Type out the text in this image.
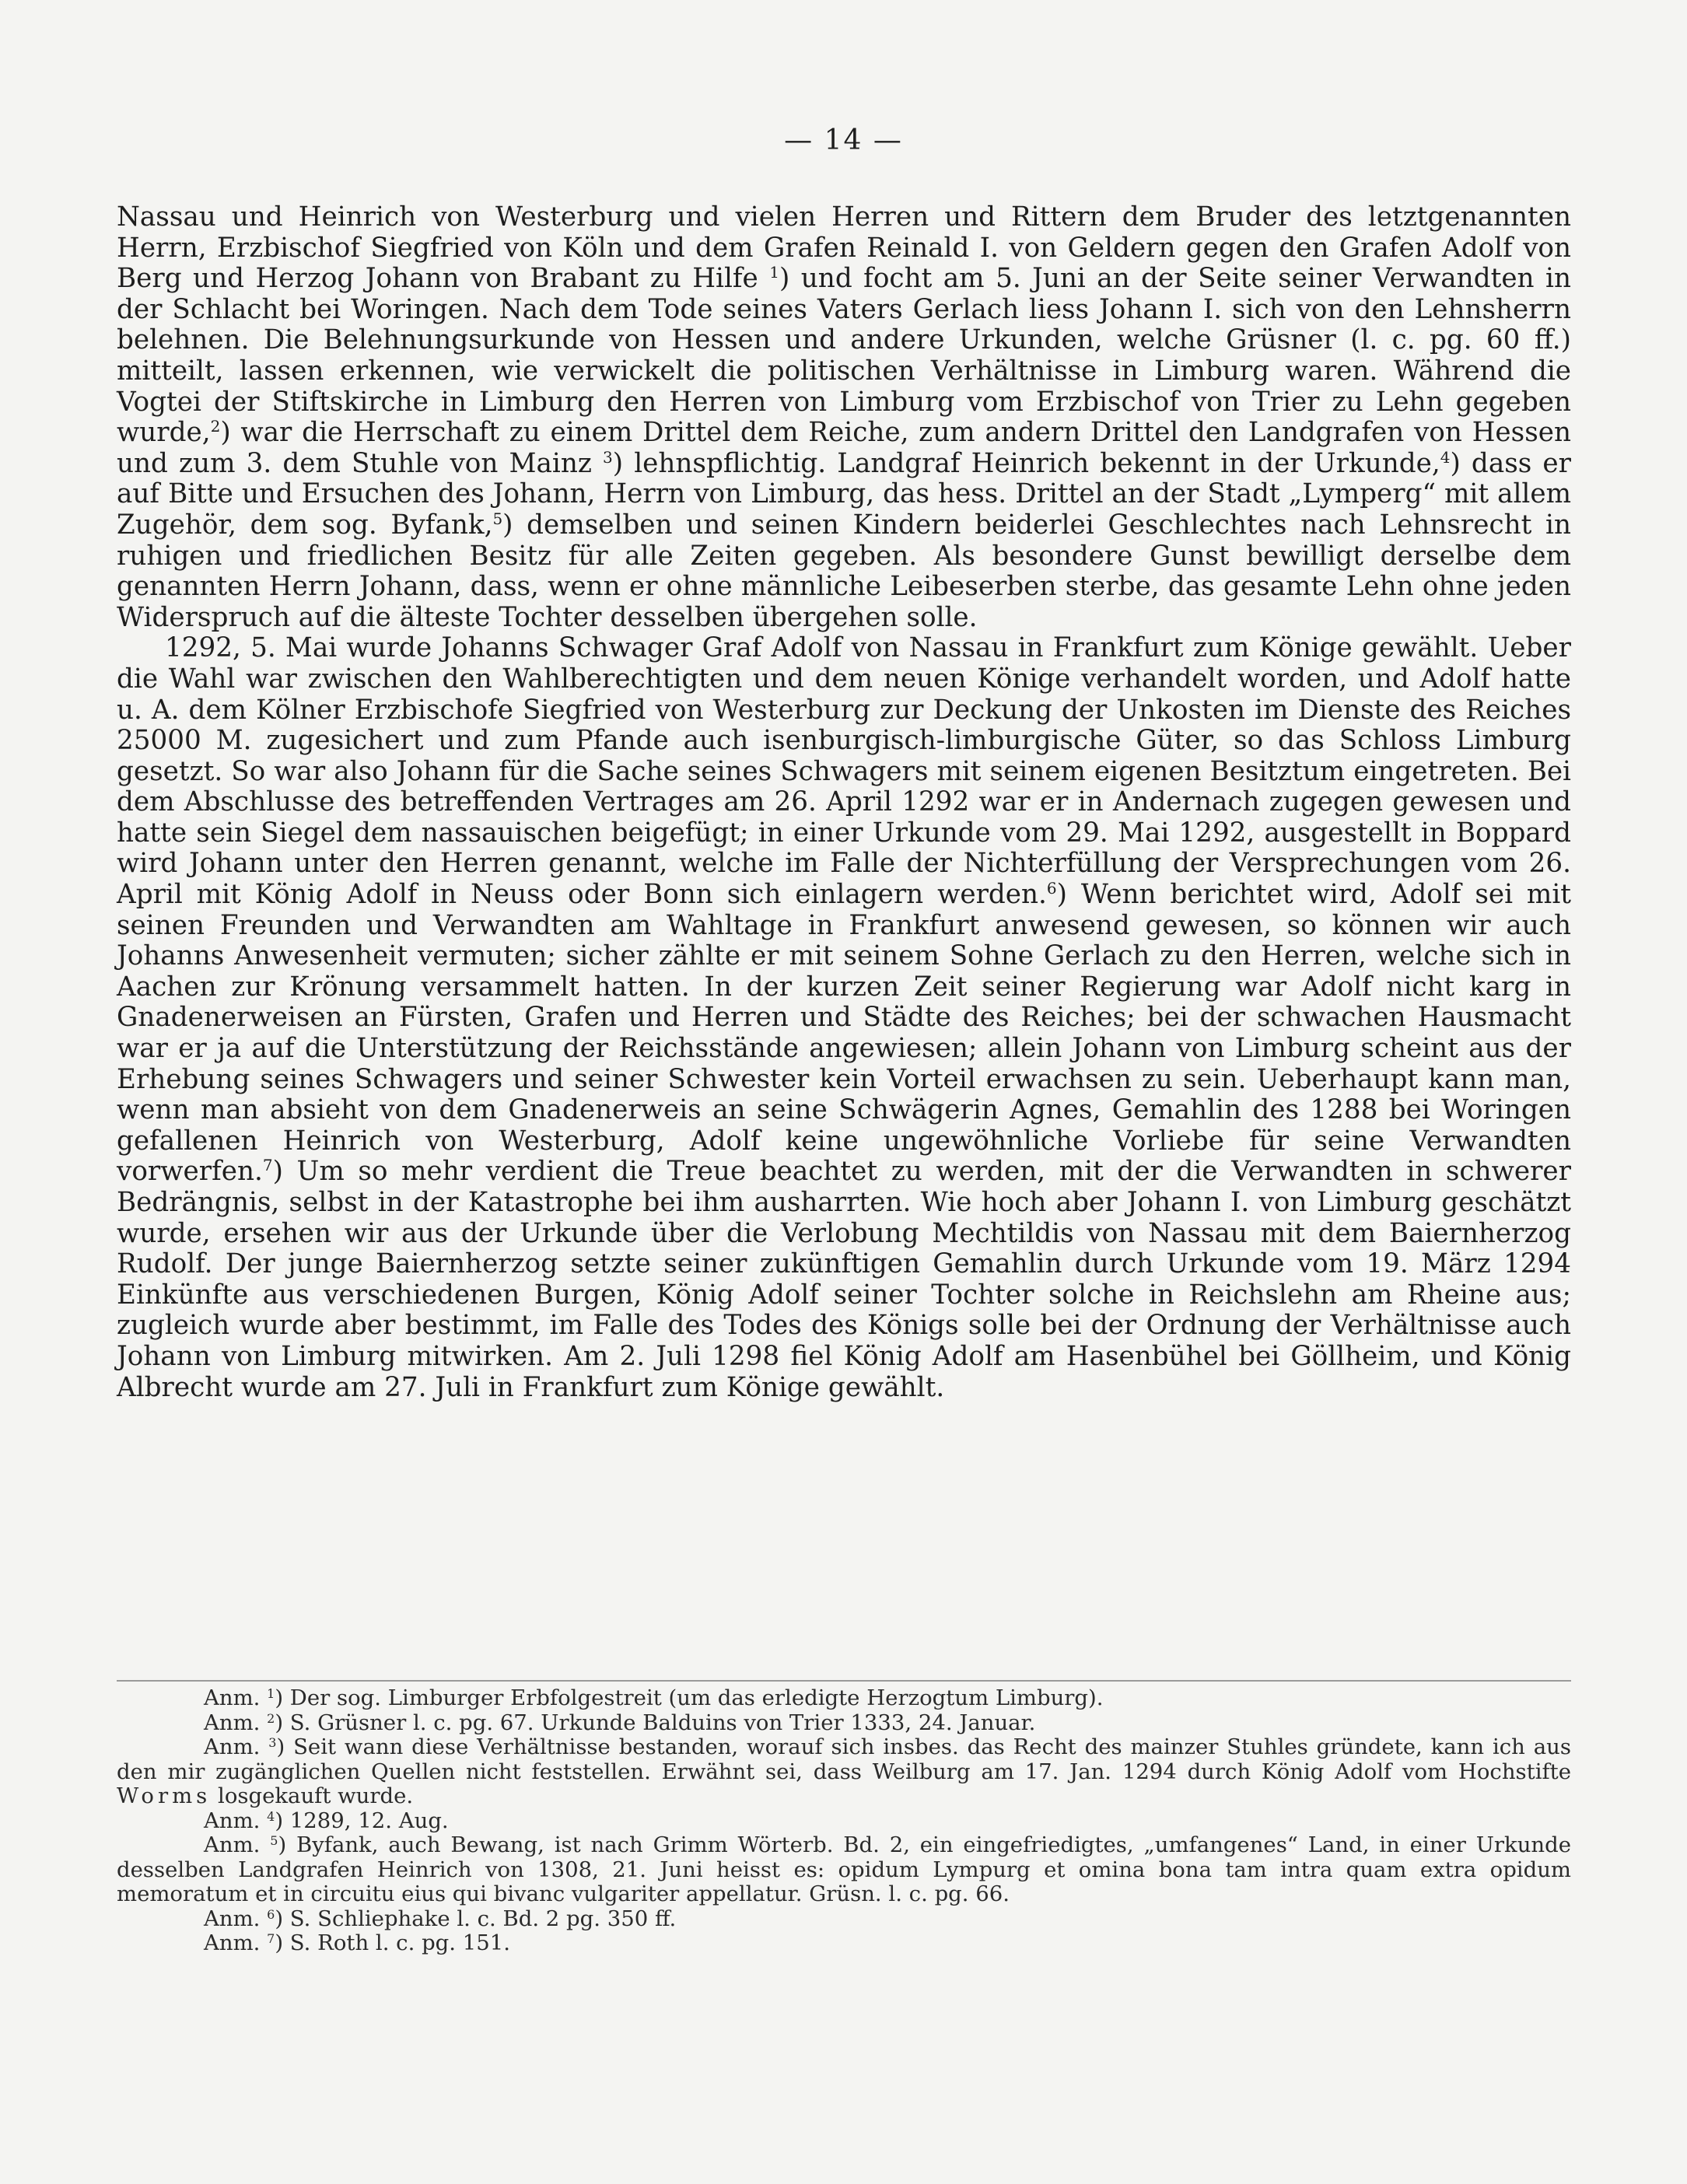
— 14 —

Nassau und Heinrich von Westerburg und vielen Herren und Rittern dem Bruder des letztgenannten Herrn, Erzbischof Siegfried von Köln und dem Grafen Reinald I. von Geldern gegen den Grafen Adolf von Berg und Herzog Johann von Brabant zu Hilfe $^1$) und focht am 5. Juni an der Seite seiner Verwandten in der Schlacht bei Woringen. Nach dem Tode seines Vaters Gerlach liess Johann I. sich von den Lehnsherrn belehnen. Die Belehnungsurkunde von Hessen und andere Urkunden, welche Grüsner (l. c. pg. 60 ff.) mitteilt, lassen erkennen, wie verwickelt die politischen Verhältnisse in Limburg waren. Während die Vogtei der Stiftskirche in Limburg den Herren von Limburg vom Erzbischof von Trier zu Lehn gegeben wurde,$^2$) war die Herrschaft zu einem Drittel dem Reiche, zum andern Drittel den Landgrafen von Hessen und zum 3. dem Stuhle von Mainz $^3$) lehnspflichtig. Landgraf Heinrich bekennt in der Urkunde,$^4$) dass er auf Bitte und Ersuchen des Johann, Herrn von Limburg, das hess. Drittel an der Stadt „Lymperg“ mit allem Zugehör, dem sog. Byfank,$^5$) demselben und seinen Kindern beiderlei Geschlechtes nach Lehnsrecht in ruhigen und friedlichen Besitz für alle Zeiten gegeben. Als besondere Gunst bewilligt derselbe dem genannten Herrn Johann, dass, wenn er ohne männliche Leibeserben sterbe, das gesamte Lehn ohne jeden Widerspruch auf die älteste Tochter desselben übergehen solle.

1292, 5. Mai wurde Johanns Schwager Graf Adolf von Nassau in Frankfurt zum Könige gewählt. Ueber die Wahl war zwischen den Wahlberechtigten und dem neuen Könige verhandelt worden, und Adolf hatte u. A. dem Kölner Erzbischofe Siegfried von Westerburg zur Deckung der Unkosten im Dienste des Reiches 25000 M. zugesichert und zum Pfande auch isenburgisch-limburgische Güter, so das Schloss Limburg gesetzt. So war also Johann für die Sache seines Schwagers mit seinem eigenen Besitztum eingetreten. Bei dem Abschlusse des betreffenden Vertrages am 26. April 1292 war er in Andernach zugegen gewesen und hatte sein Siegel dem nassauischen beigefügt; in einer Urkunde vom 29. Mai 1292, ausgestellt in Boppard wird Johann unter den Herren genannt, welche im Falle der Nichterfüllung der Versprechungen vom 26. April mit König Adolf in Neuss oder Bonn sich einlagern werden.$^6$) Wenn berichtet wird, Adolf sei mit seinen Freunden und Verwandten am Wahltage in Frankfurt anwesend gewesen, so können wir auch Johanns Anwesenheit vermuten; sicher zählte er mit seinem Sohne Gerlach zu den Herren, welche sich in Aachen zur Krönung versammelt hatten. In der kurzen Zeit seiner Regierung war Adolf nicht karg in Gnadenerweisen an Fürsten, Grafen und Herren und Städte des Reiches; bei der schwachen Hausmacht war er ja auf die Unterstützung der Reichsstände angewiesen; allein Johann von Limburg scheint aus der Erhebung seines Schwagers und seiner Schwester kein Vorteil erwachsen zu sein. Ueberhaupt kann man, wenn man absieht von dem Gnadenerweis an seine Schwägerin Agnes, Gemahlin des 1288 bei Woringen gefallenen Heinrich von Westerburg, Adolf keine ungewöhnliche Vorliebe für seine Verwandten vorwerfen.$^7$) Um so mehr verdient die Treue beachtet zu werden, mit der die Verwandten in schwerer Bedrängnis, selbst in der Katastrophe bei ihm ausharrten. Wie hoch aber Johann I. von Limburg geschätzt wurde, ersehen wir aus der Urkunde über die Verlobung Mechtildis von Nassau mit dem Baiernherzog Rudolf. Der junge Baiernherzog setzte seiner zukünftigen Gemahlin durch Urkunde vom 19. März 1294 Einkünfte aus verschiedenen Burgen, König Adolf seiner Tochter solche in Reichslehn am Rheine aus; zugleich wurde aber bestimmt, im Falle des Todes des Königs solle bei der Ordnung der Verhältnisse auch Johann von Limburg mitwirken. Am 2. Juli 1298 fiel König Adolf am Hasenbühel bei Göllheim, und König Albrecht wurde am 27. Juli in Frankfurt zum Könige gewählt.

Anm. $^1$) Der sog. Limburger Erbfolgestreit (um das erledigte Herzogtum Limburg).

Anm. $^2$) S. Grüsner l. c. pg. 67. Urkunde Balduins von Trier 1333, 24. Januar.

Anm. $^3$) Seit wann diese Verhältnisse bestanden, worauf sich insbes. das Recht des mainzer Stuhles gründete, kann ich aus den mir zugänglichen Quellen nicht feststellen. Erwähnt sei, dass Weilburg am 17. Jan. 1294 durch König Adolf vom Hochstifte Worms losgekauft wurde.

Anm. $^4$) 1289, 12. Aug.

Anm. $^5$) Byfank, auch Bewang, ist nach Grimm Wörterb. Bd. 2, ein eingefriedigtes, „umfangenes“ Land, in einer Urkunde desselben Landgrafen Heinrich von 1308, 21. Juni heisst es: opidum Lympurg et omina bona tam intra quam extra opidum memoratum et in circuitu eius qui bivanc vulgariter appellatur. Grüsn. l. c. pg. 66.

Anm. $^6$) S. Schliephake l. c. Bd. 2 pg. 350 ff.

Anm. $^7$) S. Roth l. c. pg. 151.
